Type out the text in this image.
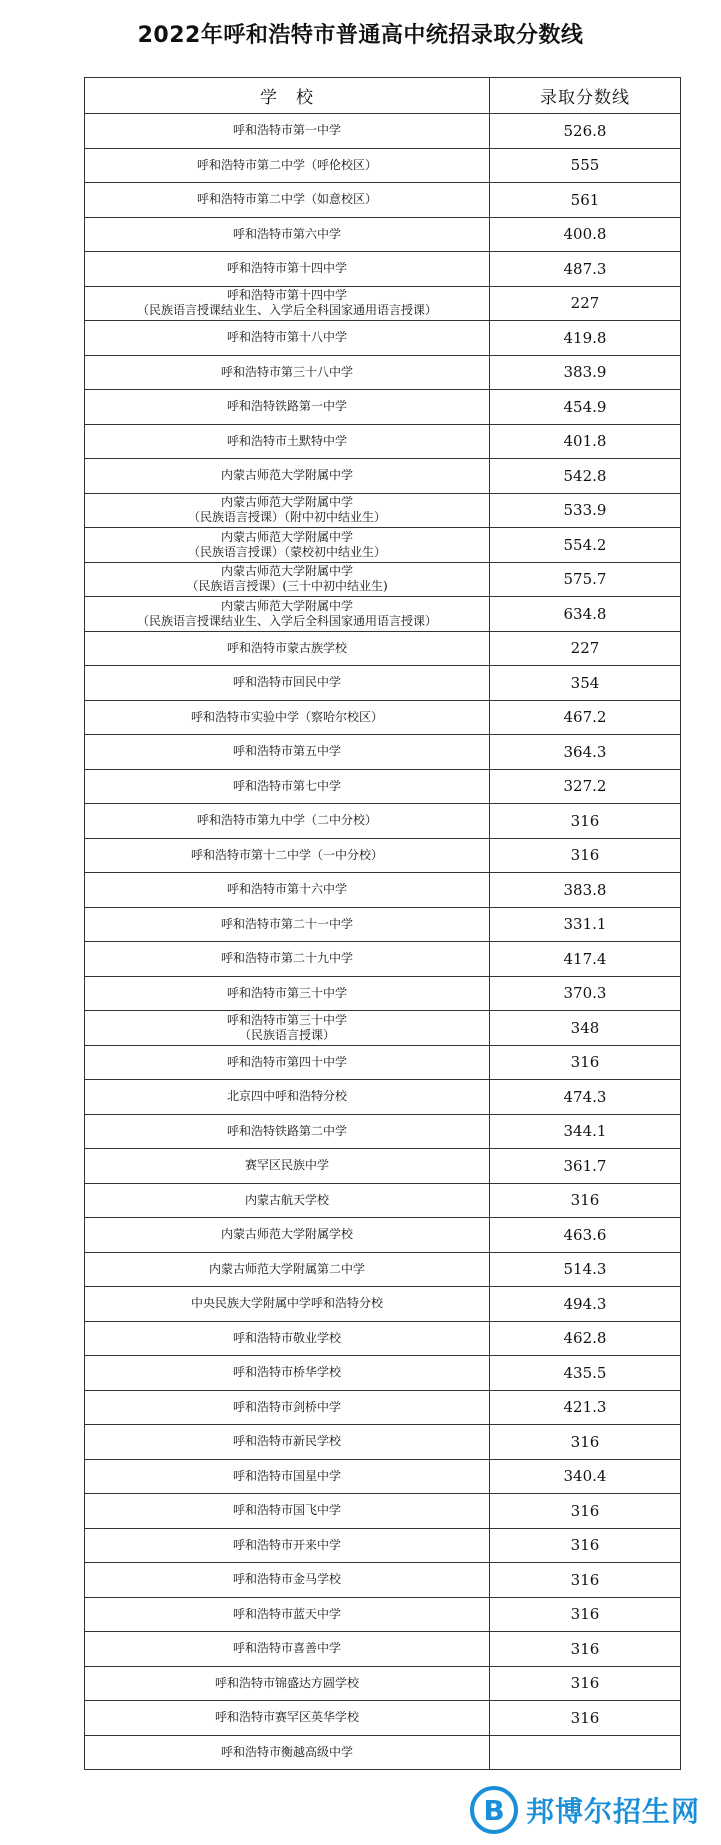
2022年呼和浩特市普通高中统招录取分数线
学　校	录取分数线

呼和浩特市第一中学	526.8

呼和浩特市第二中学（呼伦校区）	555

呼和浩特市第二中学（如意校区）	561

呼和浩特市第六中学	400.8

呼和浩特市第十四中学	487.3

呼和浩特市第十四中学
（民族语言授课结业生、入学后全科国家通用语言授课）	227

呼和浩特市第十八中学	419.8

呼和浩特市第三十八中学	383.9

呼和浩特铁路第一中学	454.9

呼和浩特市土默特中学	401.8

内蒙古师范大学附属中学	542.8

内蒙古师范大学附属中学
（民族语言授课）（附中初中结业生）	533.9

内蒙古师范大学附属中学
（民族语言授课）（蒙校初中结业生）	554.2

内蒙古师范大学附属中学
（民族语言授课）(三十中初中结业生)	575.7

内蒙古师范大学附属中学
（民族语言授课结业生、入学后全科国家通用语言授课）	634.8

呼和浩特市蒙古族学校	227

呼和浩特市回民中学	354

呼和浩特市实验中学（察哈尔校区）	467.2

呼和浩特市第五中学	364.3

呼和浩特市第七中学	327.2

呼和浩特市第九中学（二中分校）	316

呼和浩特市第十二中学（一中分校）	316

呼和浩特市第十六中学	383.8

呼和浩特市第二十一中学	331.1

呼和浩特市第二十九中学	417.4

呼和浩特市第三十中学	370.3

呼和浩特市第三十中学
（民族语言授课）	348

呼和浩特市第四十中学	316

北京四中呼和浩特分校	474.3

呼和浩特铁路第二中学	344.1

赛罕区民族中学	361.7

内蒙古航天学校	316

内蒙古师范大学附属学校	463.6

内蒙古师范大学附属第二中学	514.3

中央民族大学附属中学呼和浩特分校	494.3

呼和浩特市敬业学校	462.8

呼和浩特市桥华学校	435.5

呼和浩特市剑桥中学	421.3

呼和浩特市新民学校	316

呼和浩特市国星中学	340.4

呼和浩特市国飞中学	316

呼和浩特市开来中学	316

呼和浩特市金马学校	316

呼和浩特市蓝天中学	316

呼和浩特市喜善中学	316

呼和浩特市锦盛达方圆学校	316

呼和浩特市赛罕区英华学校	316

呼和浩特市衡越高级中学	

B 邦博尔招生网
